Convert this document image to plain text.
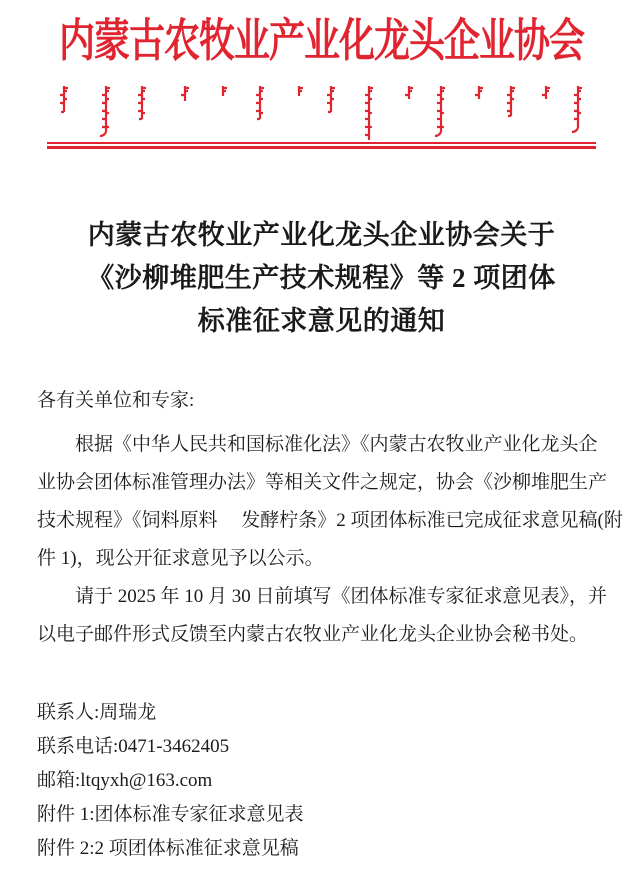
内蒙古农牧业产业化龙头企业协会
内蒙古农牧业产业化龙头企业协会关于
《沙柳堆肥生产技术规程》等 2 项团体
标准征求意见的通知
各有关单位和专家:
根据《中华人民共和国标准化法》《内蒙古农牧业产业化龙头企
业协会团体标准管理办法》等相关文件之规定，协会《沙柳堆肥生产
技术规程》《饲料原料　 发酵柠条》2 项团体标准已完成征求意见稿(附
件 1)，现公开征求意见予以公示。
请于 2025 年 10 月 30 日前填写《团体标准专家征求意见表》，并
以电子邮件形式反馈至内蒙古农牧业产业化龙头企业协会秘书处。
联系人:周瑞龙
联系电话:0471-3462405
邮箱:ltqyxh@163.com
附件 1:团体标准专家征求意见表
附件 2:2 项团体标准征求意见稿
